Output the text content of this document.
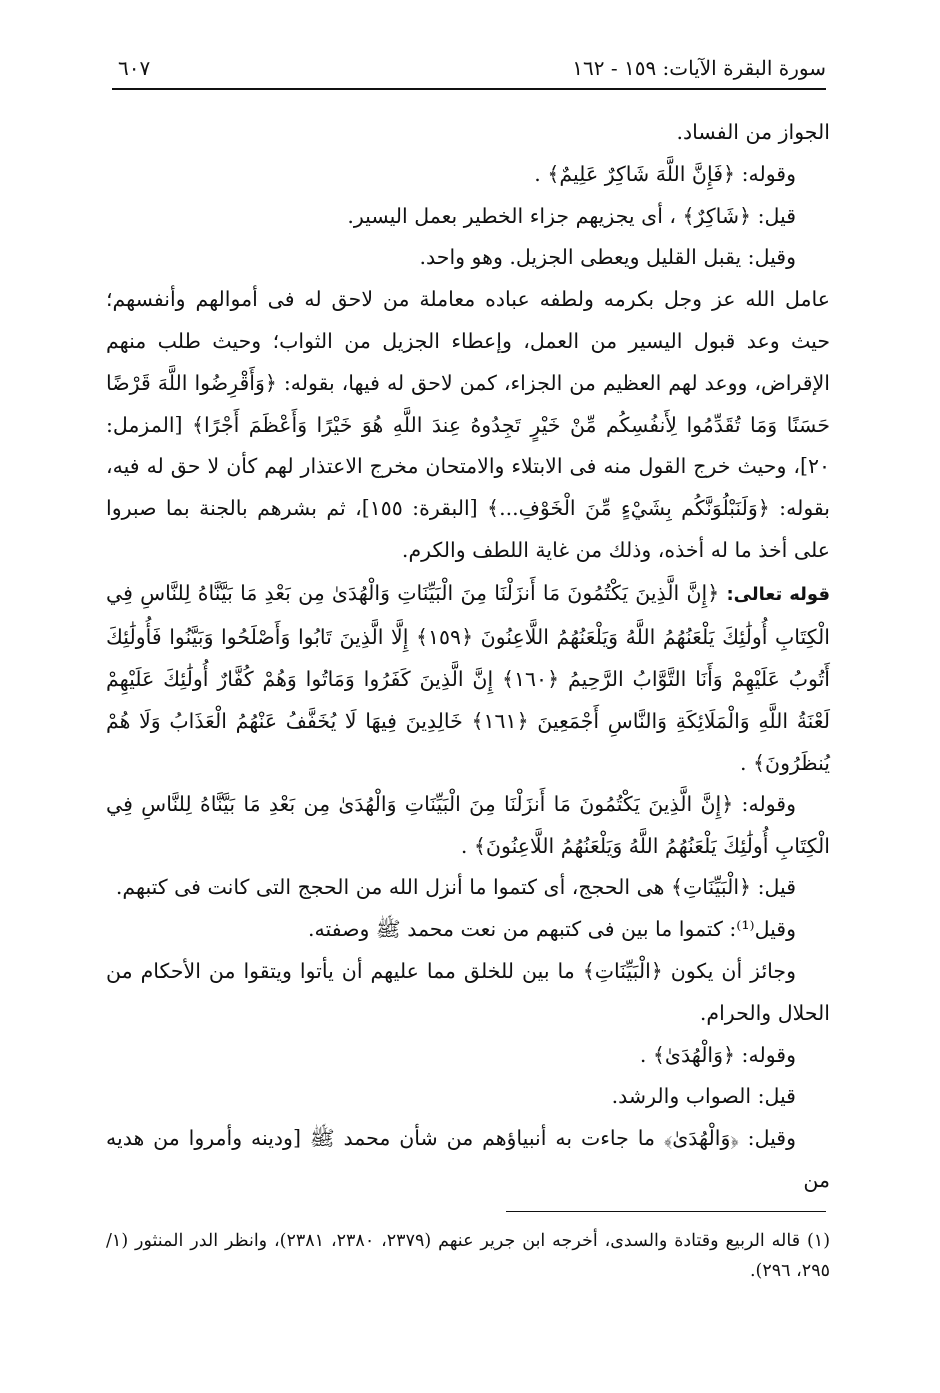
سورة البقرة الآيات: ١٥٩ - ١٦٢
٦٠٧

الجواز من الفساد.

وقوله: ﴿فَإِنَّ اللَّهَ شَاكِرٌ عَلِيمٌ﴾ .

قيل: ﴿شَاكِرٌ﴾ ، أى يجزيهم جزاء الخطير بعمل اليسير.

وقيل: يقبل القليل ويعطى الجزيل. وهو واحد.

عامل الله عز وجل بكرمه ولطفه عباده معاملة من لاحق له فى أموالهم وأنفسهم؛ حيث وعد قبول اليسير من العمل، وإعطاء الجزيل من الثواب؛ وحيث طلب منهم الإقراض، ووعد لهم العظيم من الجزاء، كمن لاحق له فيها، بقوله: ﴿وَأَقْرِضُوا اللَّهَ قَرْضًا حَسَنًا وَمَا تُقَدِّمُوا لِأَنفُسِكُم مِّنْ خَيْرٍ تَجِدُوهُ عِندَ اللَّهِ هُوَ خَيْرًا وَأَعْظَمَ أَجْرًا﴾ [المزمل: ٢٠]، وحيث خرج القول منه فى الابتلاء والامتحان مخرج الاعتذار لهم كأن لا حق له فيه، بقوله: ﴿وَلَنَبْلُوَنَّكُم بِشَيْءٍ مِّنَ الْخَوْفِ...﴾ [البقرة: ١٥٥]، ثم بشرهم بالجنة بما صبروا على أخذ ما له أخذه، وذلك من غاية اللطف والكرم.

قوله تعالى: ﴿إِنَّ الَّذِينَ يَكْتُمُونَ مَا أَنزَلْنَا مِنَ الْبَيِّنَاتِ وَالْهُدَىٰ مِن بَعْدِ مَا بَيَّنَّاهُ لِلنَّاسِ فِي الْكِتَابِ أُولَٰئِكَ يَلْعَنُهُمُ اللَّهُ وَيَلْعَنُهُمُ اللَّاعِنُونَ ﴿١٥٩﴾ إِلَّا الَّذِينَ تَابُوا وَأَصْلَحُوا وَبَيَّنُوا فَأُولَٰئِكَ أَتُوبُ عَلَيْهِمْ وَأَنَا التَّوَّابُ الرَّحِيمُ ﴿١٦٠﴾ إِنَّ الَّذِينَ كَفَرُوا وَمَاتُوا وَهُمْ كُفَّارٌ أُولَٰئِكَ عَلَيْهِمْ لَعْنَةُ اللَّهِ وَالْمَلَائِكَةِ وَالنَّاسِ أَجْمَعِينَ ﴿١٦١﴾ خَالِدِينَ فِيهَا لَا يُخَفَّفُ عَنْهُمُ الْعَذَابُ وَلَا هُمْ يُنظَرُونَ﴾ .

وقوله: ﴿إِنَّ الَّذِينَ يَكْتُمُونَ مَا أَنزَلْنَا مِنَ الْبَيِّنَاتِ وَالْهُدَىٰ مِن بَعْدِ مَا بَيَّنَّاهُ لِلنَّاسِ فِي الْكِتَابِ أُولَٰئِكَ يَلْعَنُهُمُ اللَّهُ وَيَلْعَنُهُمُ اللَّاعِنُونَ﴾ .

قيل: ﴿الْبَيِّنَاتِ﴾ هى الحجج، أى كتموا ما أنزل الله من الحجج التى كانت فى كتبهم.

وقيل⁽¹⁾: كتموا ما بين فى كتبهم من نعت محمد ﷺ وصفته.

وجائز أن يكون ﴿الْبَيِّنَاتِ﴾ ما بين للخلق مما عليهم أن يأتوا ويتقوا من الأحكام من الحلال والحرام.

وقوله: ﴿وَالْهُدَىٰ﴾ .

قيل: الصواب والرشد.

وقيل: ﴿وَالْهُدَىٰ﴾ ما جاءت به أنبياؤهم من شأن محمد ﷺ [ودينه وأمروا من هديه من

(١) قاله الربيع وقتادة والسدى، أخرجه ابن جرير عنهم (٢٣٧٩، ٢٣٨٠، ٢٣٨١)، وانظر الدر المنثور (١/ ٢٩٥، ٢٩٦).
